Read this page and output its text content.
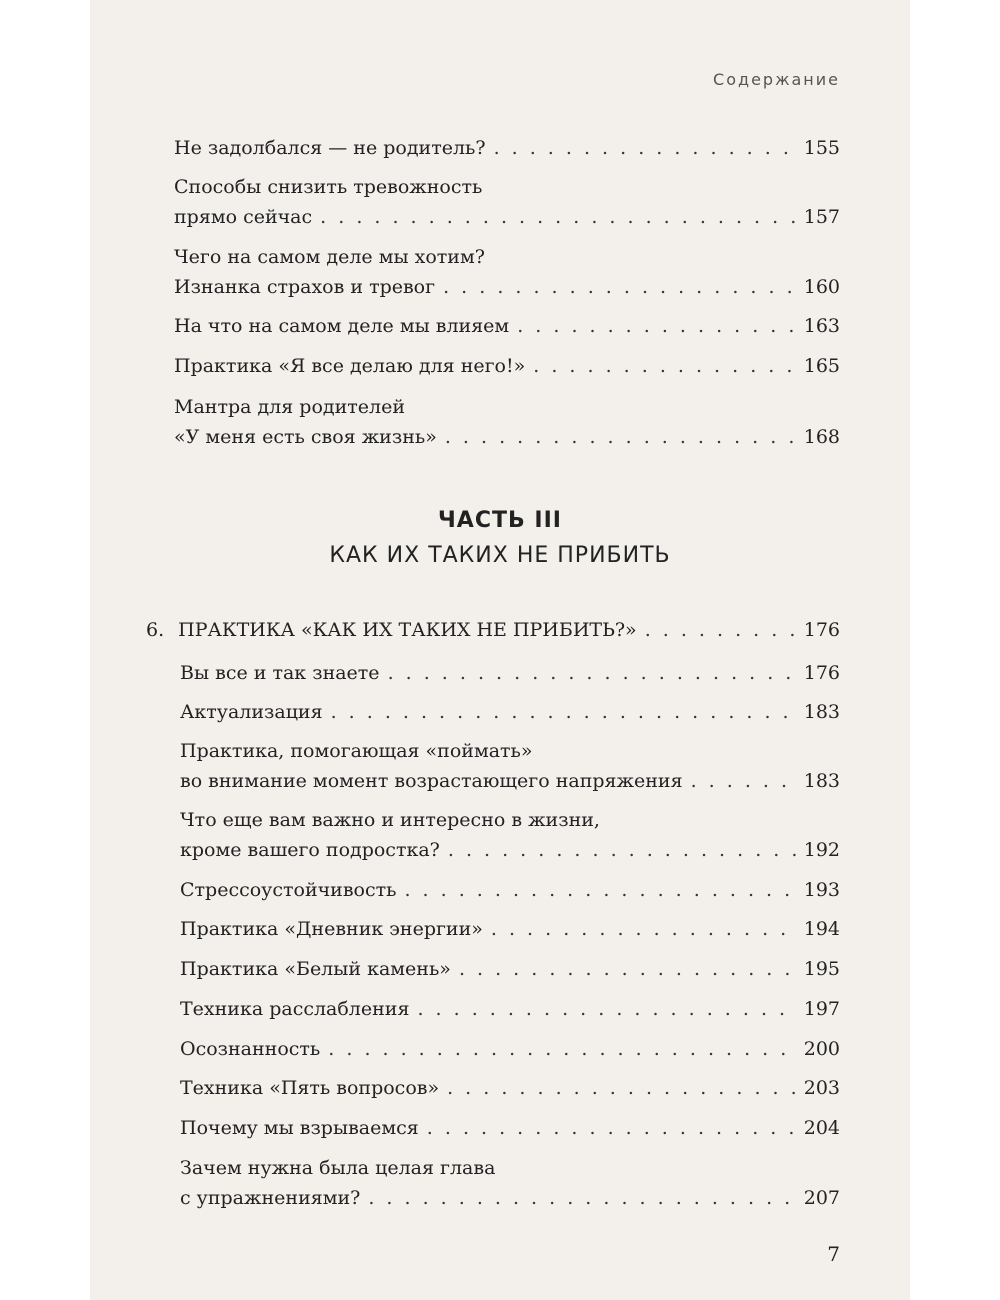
Содержание
Не задолбался — не родитель? . . .	155
Способы снизить тревожность
прямо сейчас . . .	157
Чего на самом деле мы хотим?
Изнанка страхов и тревог . . .	160
На что на самом деле мы влияем . . .	163
Практика «Я все делаю для него!» . . .	165
Мантра для родителей
«У меня есть своя жизнь» . . .	168
ЧАСТЬ III
КАК ИХ ТАКИХ НЕ ПРИБИТЬ
6. ПРАКТИКА «КАК ИХ ТАКИХ НЕ ПРИБИТЬ?» . . .	176
Вы все и так знаете . . .	176
Актуализация . . .	183
Практика, помогающая «поймать»
во внимание момент возрастающего напряжения . . .	183
Что еще вам важно и интересно в жизни,
кроме вашего подростка? . . .	192
Стрессоустойчивость . . .	193
Практика «Дневник энергии» . . .	194
Практика «Белый камень» . . .	195
Техника расслабления . . .	197
Осознанность . . .	200
Техника «Пять вопросов» . . .	203
Почему мы взрываемся . . .	204
Зачем нужна была целая глава
с упражнениями? . . .	207
7
